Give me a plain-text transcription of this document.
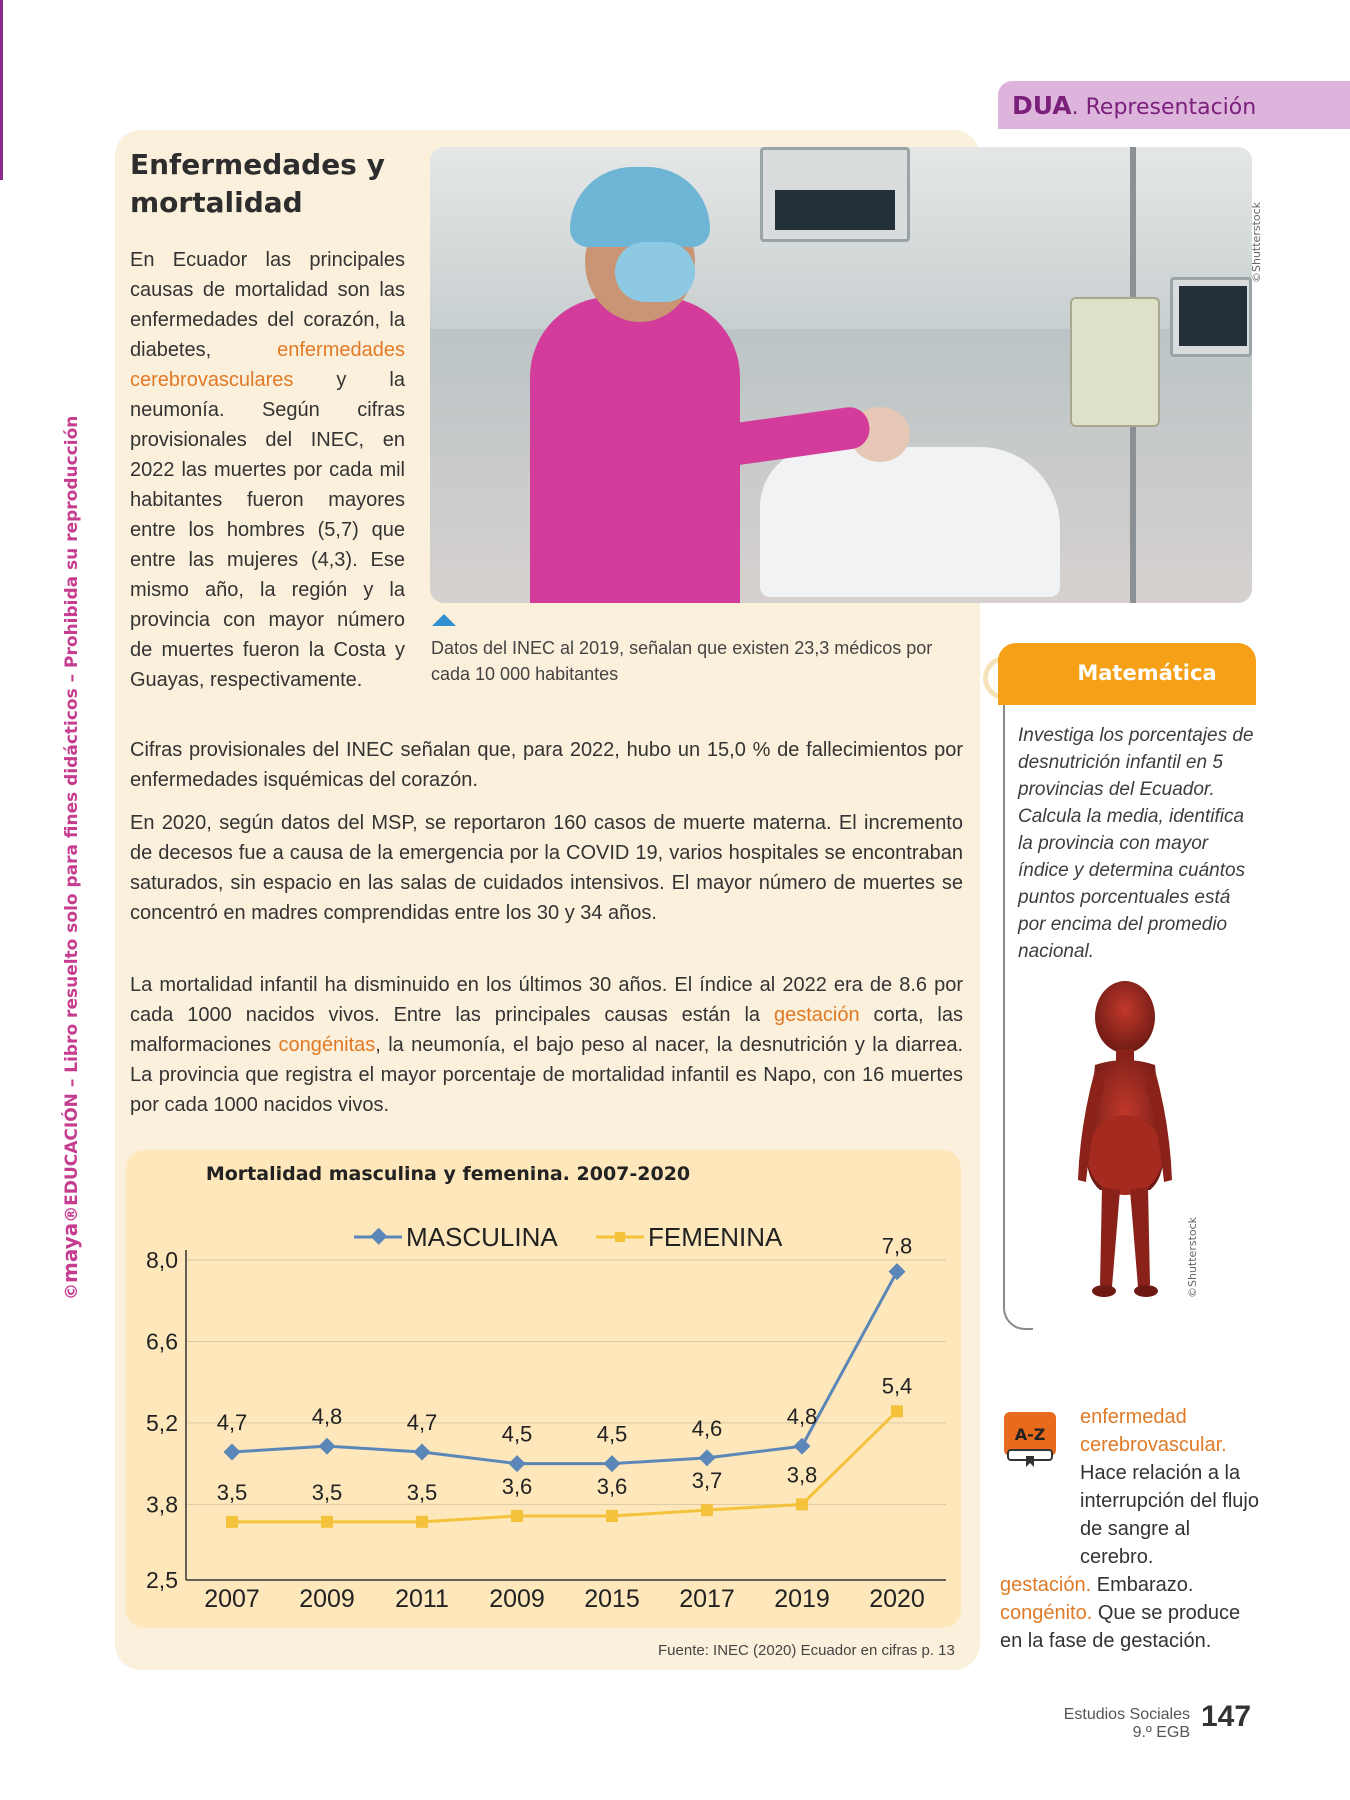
©maya®EDUCACIÓN – Libro resuelto solo para fines didácticos – Prohibida su reproducción
DUA. Representación
Enfermedades y mortalidad

En Ecuador las principales causas de mortalidad son las enfermedades del corazón, la diabetes, enfermedades cerebrovasculares y la neumonía. Según cifras provisionales del INEC, en 2022 las muertes por cada mil habitantes fueron mayores entre los hombres (5,7) que entre las mujeres (4,3). Ese mismo año, la región y la provincia con mayor número de muertes fueron la Costa y Guayas, respectivamente.

©Shutterstock

Datos del INEC al 2019, señalan que existen 23,3 médicos por cada 10 000 habitantes

Cifras provisionales del INEC señalan que, para 2022, hubo un 15,0 % de fallecimientos por enfermedades isquémicas del corazón.

En 2020, según datos del MSP, se reportaron 160 casos de muerte materna. El incremento de decesos fue a causa de la emergencia por la COVID 19, varios hospitales se encontraban saturados, sin espacio en las salas de cuidados intensivos. El mayor número de muertes se concentró en madres comprendidas entre los 30 y 34 años.

La mortalidad infantil ha disminuido en los últimos 30 años. El índice al 2022 era de 8.6 por cada 1000 nacidos vivos. Entre las principales causas están la gestación corta, las malformaciones congénitas, la neumonía, el bajo peso al nacer, la desnutrición y la diarrea. La provincia que registra el mayor porcentaje de mortalidad infantil es Napo, con 16 muertes por cada 1000 nacidos vivos.

Mortalidad masculina y femenina. 2007-2020
8,0
6,6
5,2
3,8
2,5
2007 2009 2011 2009 2015 2017 2019 2020
MASCULINA	FEMENINA
4,7	4,8	4,7	4,5	4,5	4,6	4,8
7,8
3,5	3,5	3,5	3,6	3,6	3,7	3,8
5,4
Fuente: INEC (2020) Ecuador en cifras p. 13
Matemática

Investiga los porcentajes de desnutrición infantil en 5 provincias del Ecuador. Calcula la media, identifica la provincia con mayor índice y determina cuántos puntos porcentuales está por encima del promedio nacional.

©Shutterstock
A-Z
enfermedad cerebrovascular. Hace relación a la interrupción del flujo de sangre al cerebro.
gestación. Embarazo.
congénito. Que se produce en la fase de gestación.
Estudios Sociales
9.º EGB 147
